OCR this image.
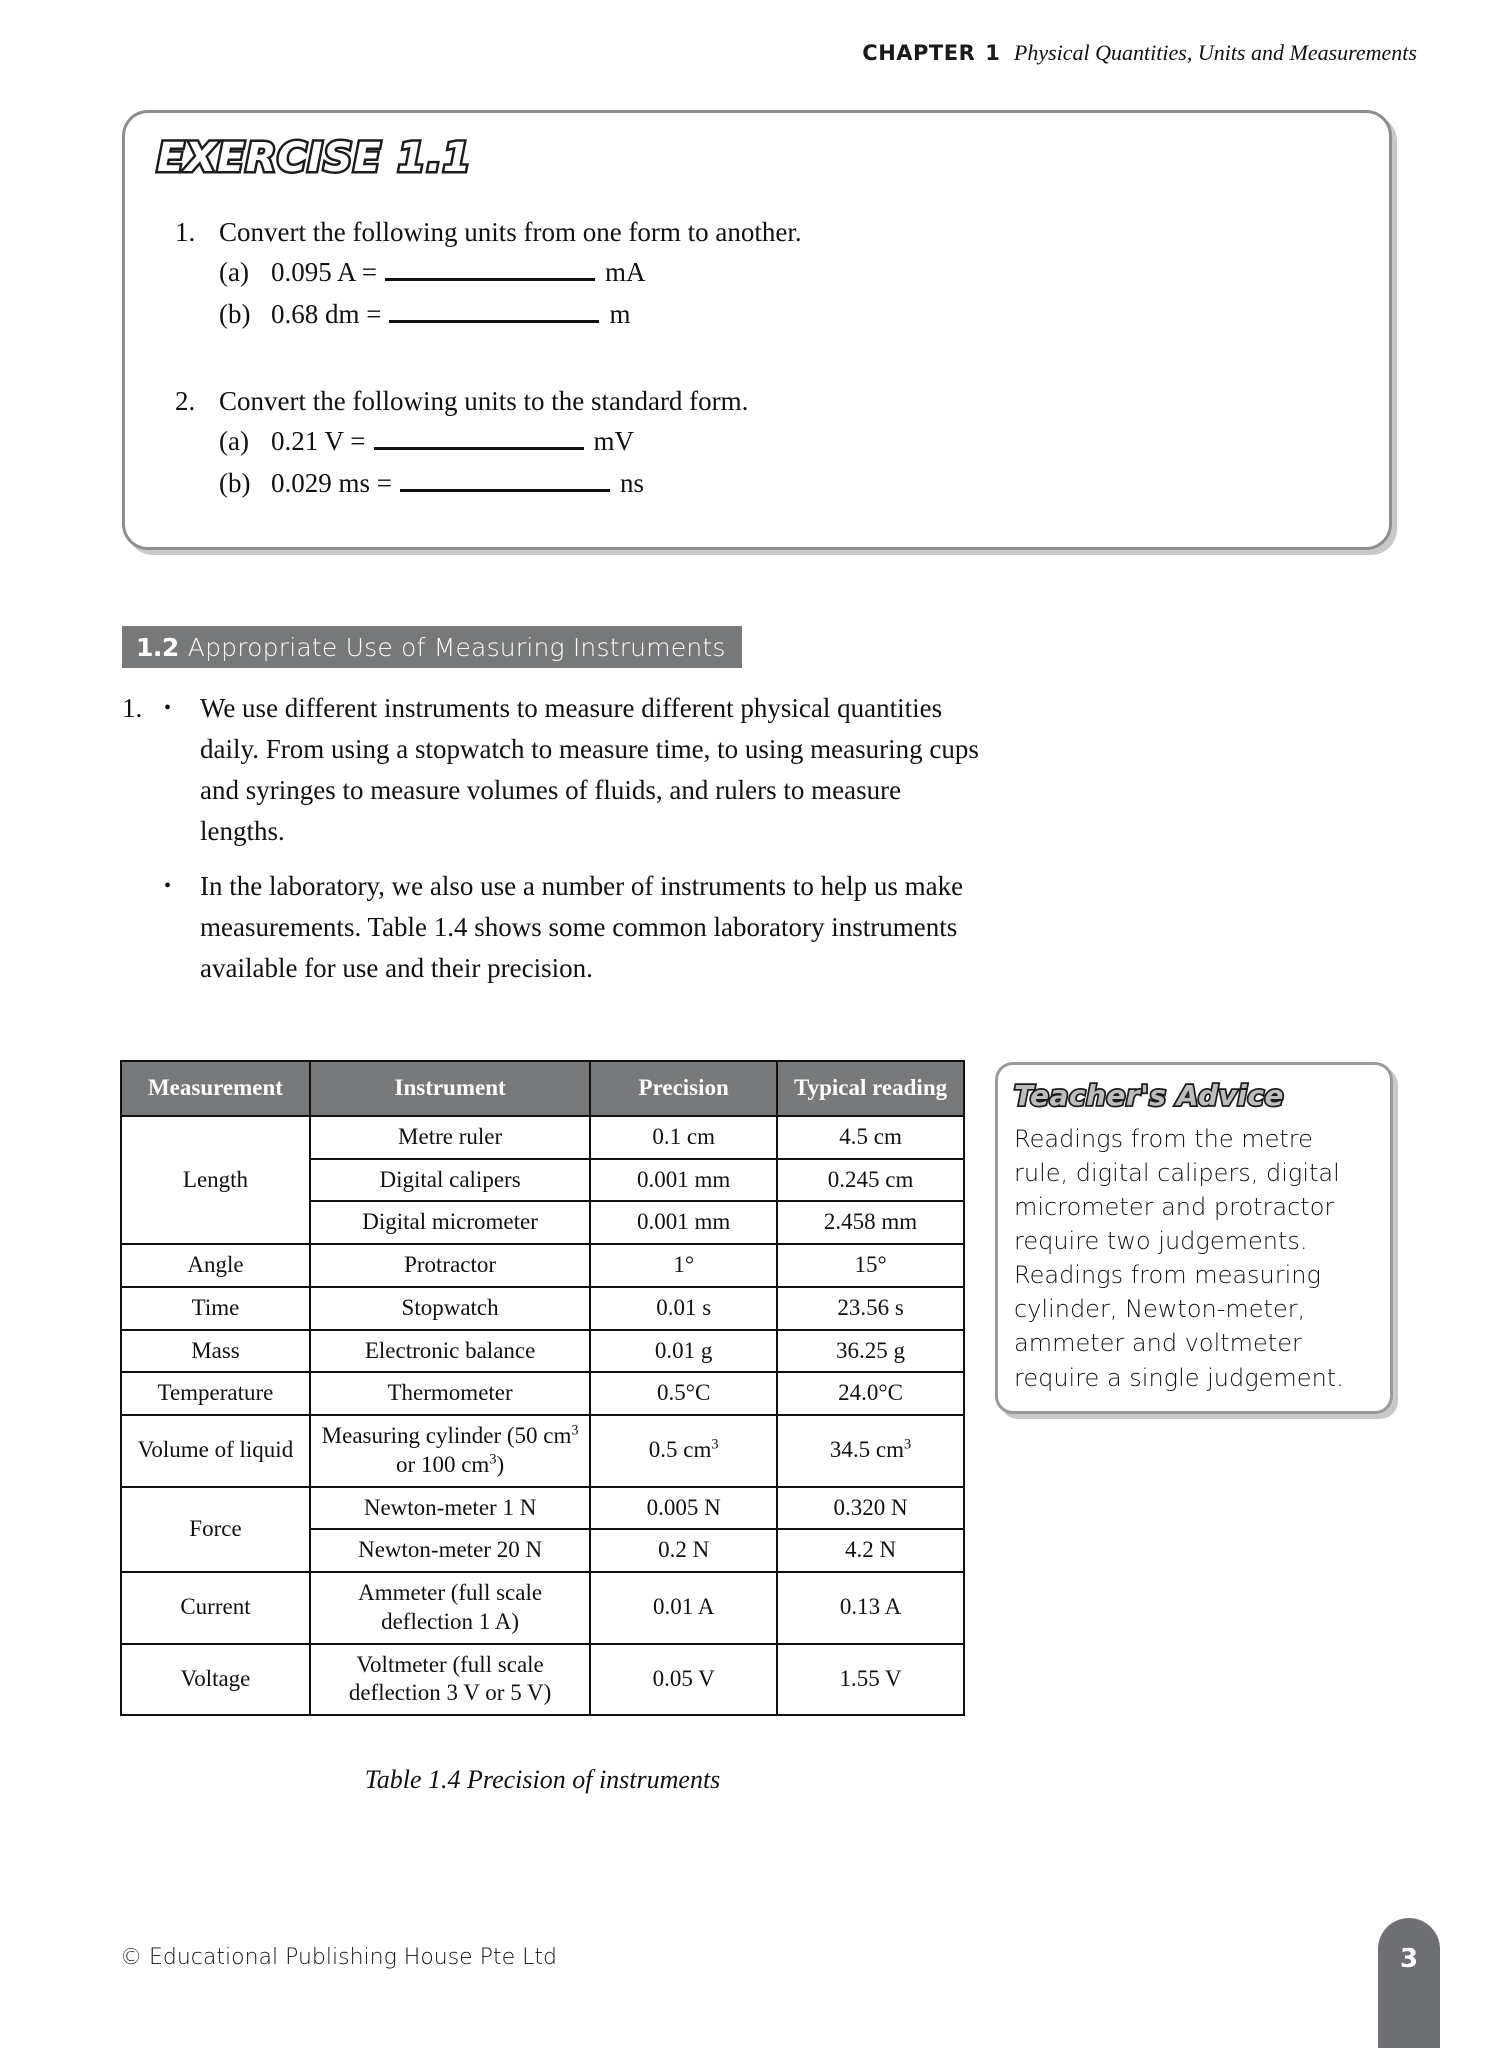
CHAPTER 1 Physical Quantities, Units and Measurements
EXERCISE 1.1
1. Convert the following units from one form to another.
(a) 0.095 A =	mA
(b) 0.68 dm =	m
2. Convert the following units to the standard form.
(a) 0.21 V =	mV
(b) 0.029 ms =	ns
1.2 Appropriate Use of Measuring Instruments
1.	•	We use different instruments to measure different physical quantities daily. From using a stopwatch to measure time, to using measuring cups and syringes to measure volumes of fluids, and rulers to measure lengths.
•	In the laboratory, we also use a number of instruments to help us make measurements. Table 1.4 shows some common laboratory instruments available for use and their precision.
Measurement	Instrument	Precision	Typical reading
Length	Metre ruler	0.1 cm	4.5 cm
	Digital calipers	0.001 mm	0.245 cm
	Digital micrometer	0.001 mm	2.458 mm
Angle	Protractor	1°	15°
Time	Stopwatch	0.01 s	23.56 s
Mass	Electronic balance	0.01 g	36.25 g
Temperature	Thermometer	0.5°C	24.0°C
Volume of liquid	Measuring cylinder (50 $cm^3$ or 100 $cm^3$)	0.5 $cm^3$	34.5 $cm^3$
Force	Newton-meter 1 N	0.005 N	0.320 N
	Newton-meter 20 N	0.2 N	4.2 N
Current	Ammeter (full scale deflection 1 A)	0.01 A	0.13 A
Voltage	Voltmeter (full scale deflection 3 V or 5 V)	0.05 V	1.55 V
Table 1.4 Precision of instruments
Teacher's Advice
Readings from the metre rule, digital calipers, digital micrometer and protractor require two judgements. Readings from measuring cylinder, Newton-meter, ammeter and voltmeter require a single judgement.
© Educational Publishing House Pte Ltd	3
